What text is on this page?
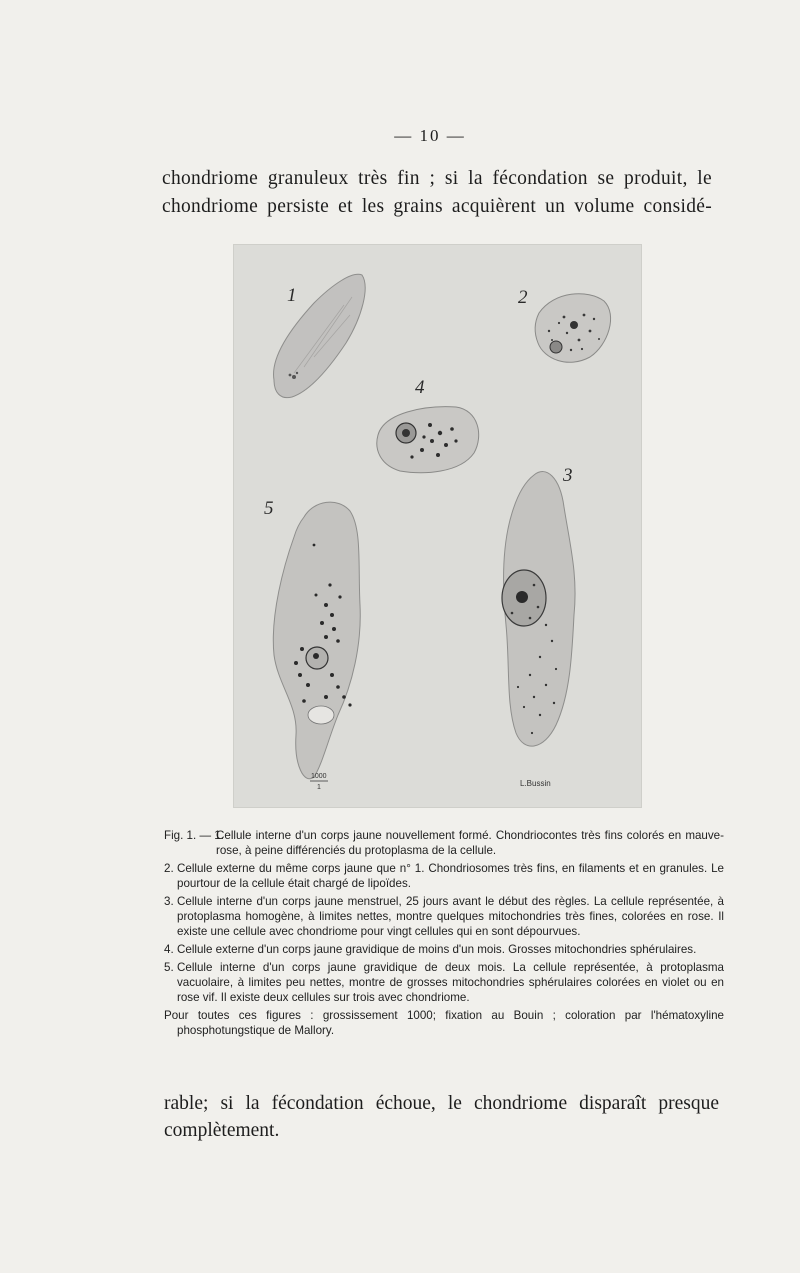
— 10 —
chondriome granuleux très fin ; si la fécondation se produit, le
chondriome persiste et les grains acquièrent un volume considé-
1	2
3
4
5
1000
1	L.Bussin
Fig. 1. — 1.
Cellule interne d'un corps jaune nouvellement formé. Chondriocontes très fins colorés en mauve-rose, à peine différenciés du protoplasma de la cellule.
2. Cellule externe du même corps jaune que n° 1. Chondriosomes très fins, en filaments et en granules. Le pourtour de la cellule était chargé de lipoïdes.
3. Cellule interne d'un corps jaune menstruel, 25 jours avant le début des règles. La cellule représentée, à protoplasma homogène, à limites nettes, montre quelques mitochondries très fines, colorées en rose. Il existe une cellule avec chondriome pour vingt cellules qui en sont dépourvues.
4. Cellule externe d'un corps jaune gravidique de moins d'un mois. Grosses mitochondries sphérulaires.
5. Cellule interne d'un corps jaune gravidique de deux mois. La cellule représentée, à protoplasma vacuolaire, à limites peu nettes, montre de grosses mitochondries sphérulaires colorées en violet ou en rose vif. Il existe deux cellules sur trois avec chondriome.
Pour toutes ces figures : grossissement 1000; fixation au Bouin ; coloration par l'hématoxyline phosphotungstique de Mallory.
rable; si la fécondation échoue, le chondriome disparaît presque
complètement.
